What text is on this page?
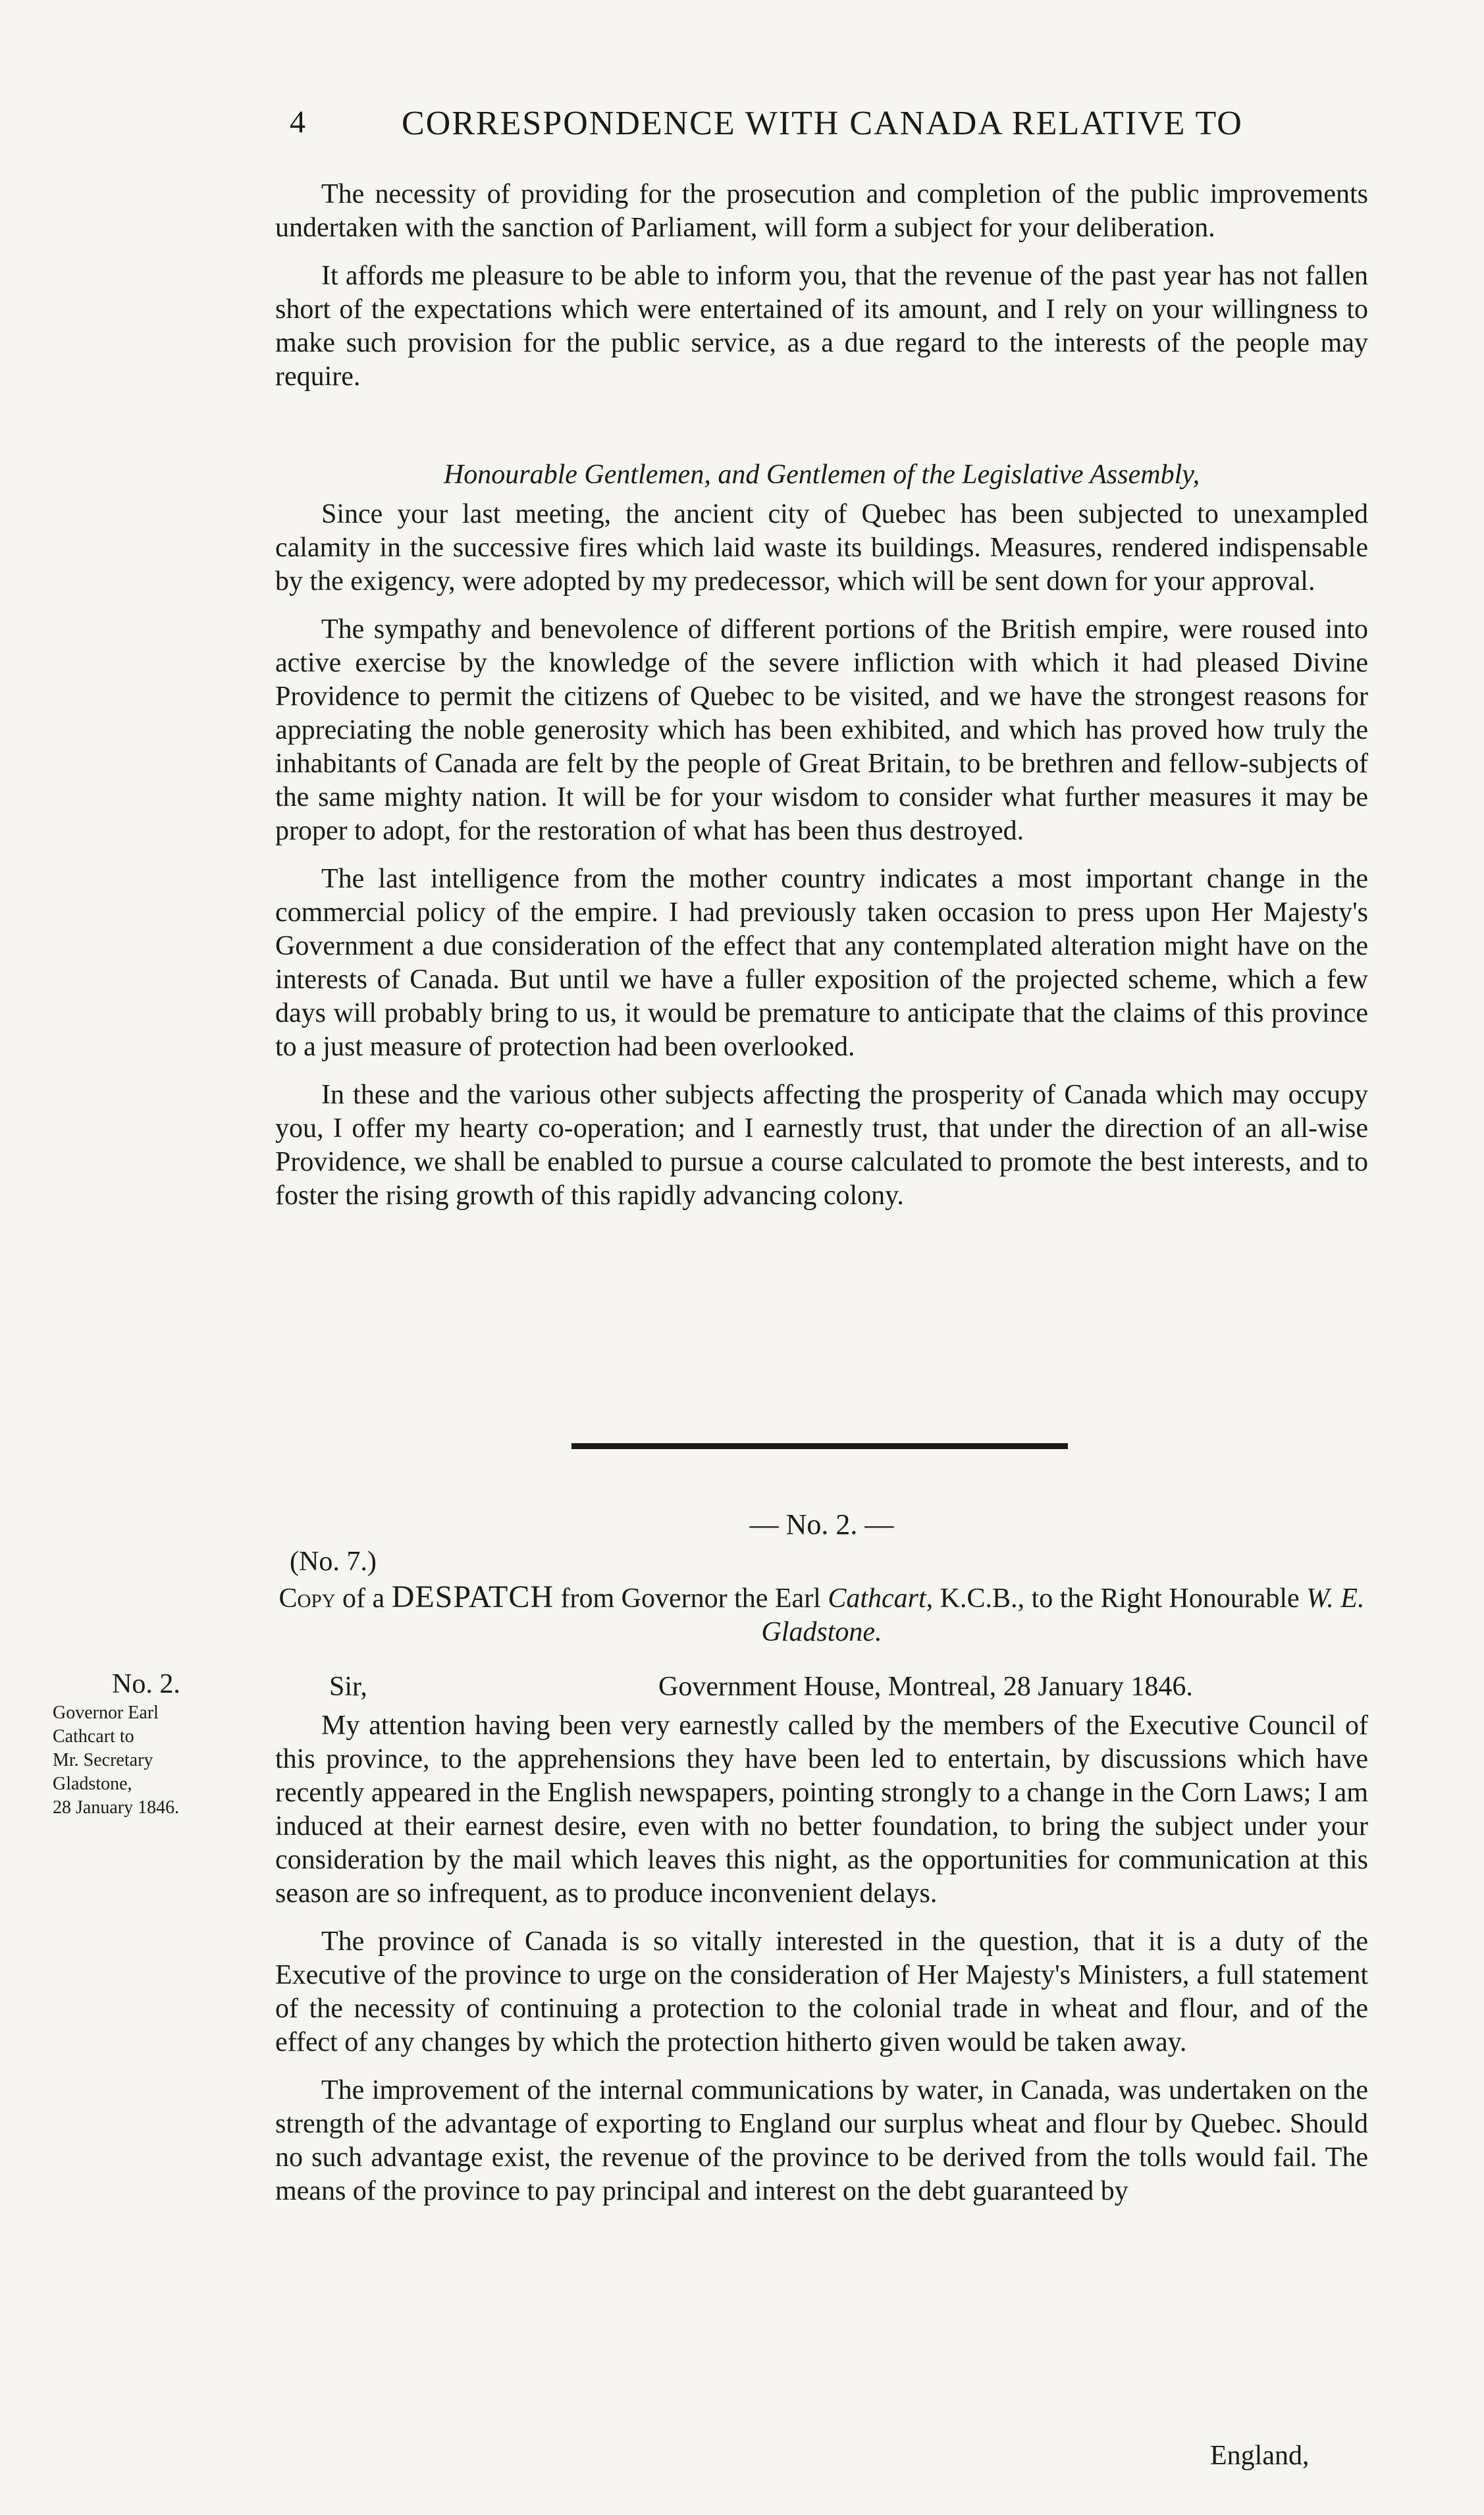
4	CORRESPONDENCE WITH CANADA RELATIVE TO

The necessity of providing for the prosecution and completion of the public improvements undertaken with the sanction of Parliament, will form a subject for your deliberation.

It affords me pleasure to be able to inform you, that the revenue of the past year has not fallen short of the expectations which were entertained of its amount, and I rely on your willingness to make such provision for the public service, as a due regard to the interests of the people may require.

Honourable Gentlemen, and Gentlemen of the Legislative Assembly,

Since your last meeting, the ancient city of Quebec has been subjected to unexampled calamity in the successive fires which laid waste its buildings. Measures, rendered indispensable by the exigency, were adopted by my predecessor, which will be sent down for your approval.

The sympathy and benevolence of different portions of the British empire, were roused into active exercise by the knowledge of the severe infliction with which it had pleased Divine Providence to permit the citizens of Quebec to be visited, and we have the strongest reasons for appreciating the noble generosity which has been exhibited, and which has proved how truly the inhabitants of Canada are felt by the people of Great Britain, to be brethren and fellow-subjects of the same mighty nation. It will be for your wisdom to consider what further measures it may be proper to adopt, for the restoration of what has been thus destroyed.

The last intelligence from the mother country indicates a most important change in the commercial policy of the empire. I had previously taken occasion to press upon Her Majesty's Government a due consideration of the effect that any contemplated alteration might have on the interests of Canada. But until we have a fuller exposition of the projected scheme, which a few days will probably bring to us, it would be premature to anticipate that the claims of this province to a just measure of protection had been overlooked.

In these and the various other subjects affecting the prosperity of Canada which may occupy you, I offer my hearty co-operation; and I earnestly trust, that under the direction of an all-wise Providence, we shall be enabled to pursue a course calculated to promote the best interests, and to foster the rising growth of this rapidly advancing colony.

— No. 2. —
(No. 7.)
Copy of a DESPATCH from Governor the Earl Cathcart, K.C.B., to the Right Honourable W. E. Gladstone.
Sir,	Government House, Montreal, 28 January 1846.
No. 2.
Governor Earl
Cathcart to
Mr. Secretary
Gladstone,
28 January 1846.

My attention having been very earnestly called by the members of the Executive Council of this province, to the apprehensions they have been led to entertain, by discussions which have recently appeared in the English newspapers, pointing strongly to a change in the Corn Laws; I am induced at their earnest desire, even with no better foundation, to bring the subject under your consideration by the mail which leaves this night, as the opportunities for communication at this season are so infrequent, as to produce inconvenient delays.

The province of Canada is so vitally interested in the question, that it is a duty of the Executive of the province to urge on the consideration of Her Majesty's Ministers, a full statement of the necessity of continuing a protection to the colonial trade in wheat and flour, and of the effect of any changes by which the protection hitherto given would be taken away.

The improvement of the internal communications by water, in Canada, was undertaken on the strength of the advantage of exporting to England our surplus wheat and flour by Quebec. Should no such advantage exist, the revenue of the province to be derived from the tolls would fail. The means of the province to pay principal and interest on the debt guaranteed by

England,
